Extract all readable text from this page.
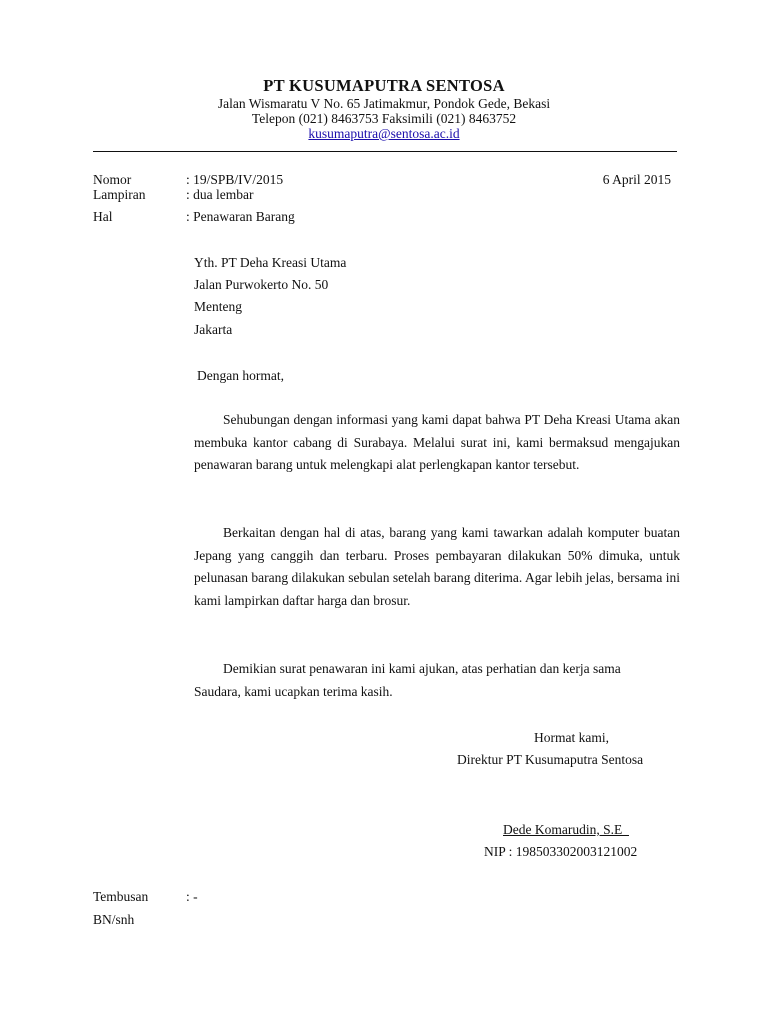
PT KUSUMAPUTRA SENTOSA
Jalan Wismaratu V No. 65 Jatimakmur, Pondok Gede, Bekasi
Telepon (021) 8463753 Faksimili (021) 8463752
kusumaputra@sentosa.ac.id
Nomor	: 19/SPB/IV/2015	6 April 2015
Lampiran	: dua lembar
Hal	: Penawaran Barang
Yth. PT Deha Kreasi Utama
Jalan Purwokerto No. 50
Menteng
Jakarta
Dengan hormat,

Sehubungan dengan informasi yang kami dapat bahwa PT Deha Kreasi Utama akan membuka kantor cabang di Surabaya. Melalui surat ini, kami bermaksud mengajukan penawaran barang untuk melengkapi alat perlengkapan kantor tersebut.

Berkaitan dengan hal di atas, barang yang kami tawarkan adalah komputer buatan Jepang yang canggih dan terbaru. Proses pembayaran dilakukan 50% dimuka, untuk pelunasan barang dilakukan sebulan setelah barang diterima. Agar lebih jelas, bersama ini kami lampirkan daftar harga dan brosur.

Demikian surat penawaran ini kami ajukan, atas perhatian dan kerja sama Saudara, kami ucapkan terima kasih.

Hormat kami,
Direktur PT Kusumaputra Sentosa
Dede Komarudin, S.E
NIP : 198503302003121002
Tembusan	: -
BN/snh
